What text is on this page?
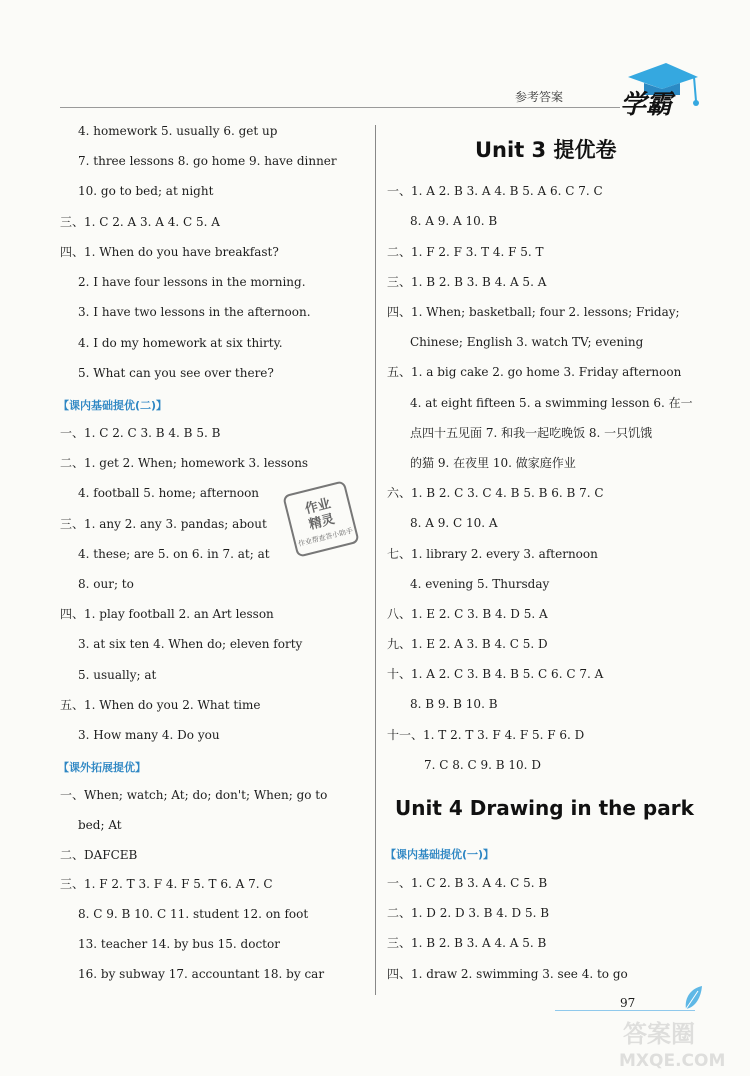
参考答案 学霸
4. homework 5. usually 6. get up
7. three lessons 8. go home 9. have dinner
10. go to bed; at night
三、1. C 2. A 3. A 4. C 5. A
四、1. When do you have breakfast?
2. I have four lessons in the morning.
3. I have two lessons in the afternoon.
4. I do my homework at six thirty.
5. What can you see over there?
【课内基础提优(二)】
一、1. C 2. C 3. B 4. B 5. B
二、1. get 2. When; homework 3. lessons
4. football 5. home; afternoon
三、1. any 2. any 3. pandas; about
4. these; are 5. on 6. in 7. at; at
8. our; to
四、1. play football 2. an Art lesson
3. at six ten 4. When do; eleven forty
5. usually; at
五、1. When do you 2. What time
3. How many 4. Do you
【课外拓展提优】
一、When; watch; At; do; don't; When; go to
bed; At
二、DAFCEB
三、1. F 2. T 3. F 4. F 5. T 6. A 7. C
8. C 9. B 10. C 11. student 12. on foot
13. teacher 14. by bus 15. doctor
16. by subway 17. accountant 18. by car
作业
精灵
作业帮查答小助手
Unit 3 提优卷
一、1. A 2. B 3. A 4. B 5. A 6. C 7. C
8. A 9. A 10. B
二、1. F 2. F 3. T 4. F 5. T
三、1. B 2. B 3. B 4. A 5. A
四、1. When; basketball; four 2. lessons; Friday;
Chinese; English 3. watch TV; evening
五、1. a big cake 2. go home 3. Friday afternoon
4. at eight fifteen 5. a swimming lesson 6. 在一
点四十五见面 7. 和我一起吃晚饭 8. 一只饥饿
的猫 9. 在夜里 10. 做家庭作业
六、1. B 2. C 3. C 4. B 5. B 6. B 7. C
8. A 9. C 10. A
七、1. library 2. every 3. afternoon
4. evening 5. Thursday
八、1. E 2. C 3. B 4. D 5. A
九、1. E 2. A 3. B 4. C 5. D
十、1. A 2. C 3. B 4. B 5. C 6. C 7. A
8. B 9. B 10. B
十一、1. T 2. T 3. F 4. F 5. F 6. D
7. C 8. C 9. B 10. D
Unit 4 Drawing in the park
【课内基础提优(一)】
一、1. C 2. B 3. A 4. C 5. B
二、1. D 2. D 3. B 4. D 5. B
三、1. B 2. B 3. A 4. A 5. B
四、1. draw 2. swimming 3. see 4. to go
97
答案圈
MXQE.COM
